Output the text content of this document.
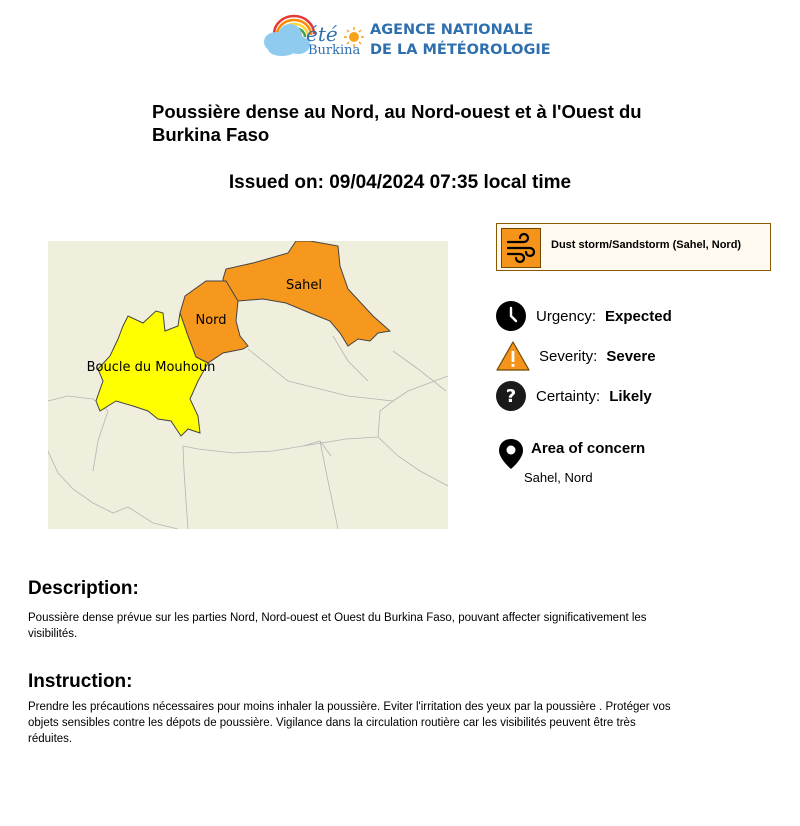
été
Burkina
AGENCE NATIONALE
DE LA MÉTÉOROLOGIE
Poussière dense au Nord, au Nord-ouest et à l'Ouest du Burkina Faso
Issued on: 09/04/2024 07:35 local time
Sahel
Nord
Boucle du Mouhoun
Dust storm/Sandstorm (Sahel, Nord)
Urgency: Expected
Severity: Severe
? Certainty: Likely
Area of concern
Sahel, Nord
Description:
Poussière dense prévue sur les parties Nord, Nord-ouest et Ouest du Burkina Faso, pouvant affecter significativement les visibilités.
Instruction:
Prendre les précautions nécessaires pour moins inhaler la poussière. Eviter l'irritation des yeux par la poussière . Protéger vos objets sensibles contre les dépots de poussière. Vigilance dans la circulation routière car les visibilités peuvent être très réduites.
